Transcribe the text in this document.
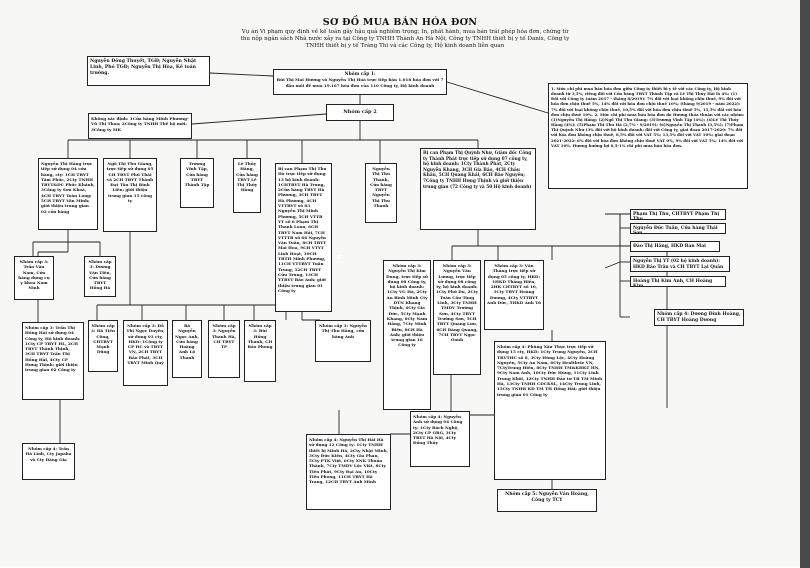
SƠ ĐỒ MUA BÁN HÓA ĐƠN
Vụ án Vi phạm quy định về kế toán gây hậu quả nghiêm trọng; In, phát hành, mua bán trái phép hóa đơn, chứng từ thu nộp ngân sách Nhà nước xảy ra tại Công ty TNHH Thành An Hà Nội, Công ty TNHH thiết bị y tế Danix, Công ty TNHH thiết bị y tế Tràng Thi và các Công ty, Hộ kinh doanh liên quan
Nguyễn Đông Thuyết, TGĐ; Nguyễn Nhật Linh, Phó TGĐ; Nguyễn Thị Hòa, Kế toán trưởng.	Nhóm cấp 1:
Bùi Thị Mai Hương và Nguyễn Thị Hoà trực tiếp bán 1.018 hóa đơn với 7 đầu mối để mua 19.167 hóa đơn của 110 Công ty, Hộ kinh doanh
Nhóm cấp 2
Không xác định: 1Cửa hàng Minh Phương-Vũ Thị Thoa; 2Công ty TNHH Thế hệ mới; 3Công ty MK
1. Mức chi phí mua bán hóa đơn giữa Công ty thiết bị y tế với các Công ty, Hộ kinh doanh từ 3,5%, riêng đối với Cửa hàng TBYT Thành Tập và Lê Thị Thủy Hải là 4%; (1) Đối với Công ty (năm 2017 - tháng 8/2019): 7% đối với loại không chịu thuế, 9% đối với hóa đơn chịu thuế 5%, 14% đối với hóa đơn chịu thuế 10%; (tháng 9/2019 - năm 2022): 7% đối với loại không chịu thuế, 10,5% đối với hóa đơn chịu thuế 5%, 15,5% đối với hóa đơn chịu thuế 10%. 2. Mức chi phí mua bán hóa đơn do Hương thỏa thuận với các nhóm: (1)Nguyễn Thị Hằng; (2)Ngô Thị Thu Giang; (3)Trương Vĩnh Tập (4%); (4)Lê Thị Thủy Hằng (4%); (5)Phạm Thị Thu Hà (2,7% - 9/2019); (6)Nguyễn Thị Thanh (3,5%); (7)Phạm Thị Quỳnh Như (3% đối với hộ kinh doanh; đối với Công ty, giai đoạn 2017-2020: 7% đối với hóa đơn không chịu thuế, 8,5% đối với VAT 5%; 13,5% đối với VAT 10%; giai đoạn 2021-2022: 6% đối với hóa đơn không chịu thuế VAT 0%, 9% đối với VAT 5%; 14% đối với VAT 10%. Hương hưởng lợi 0,5-1% chi phí mua bán hóa đơn.
Nguyễn Thị Hằng trực tiếp sử dụng 04 cửa hàng, cty: 1CH TBYT Tâm Phúc, 2Cty TNHH TBYT&DC Phúc Khánh, 3Công ty Sơn Khoá, 4CH TBYT Toàn Long; 5CH TBYT Vân Minh; giới thiệu trung gian 02 cửa hàng
Ngô Thị Thu Giang, trực tiếp sử dụng 05 CH TBYT Phú Thái và 2CH TBYT Thành Đạt Tân Thị Bình Liên; giới thiệu trung gian 15 công ty
Trương Vĩnh Tập, Cửa hàng TBYT Thành Tập
Lê Thủy Hằng, Cửa hàng TBYT Lê Thị Thủy Hằng
Bị can Phạm Thị Thu Hà trực tiếp sử dụng 13 hộ kinh doanh: 1CHTBYT Hà Trung, 2Cửa hàng TBYT Hà Phương, 3CH TBYT Hà Phương, 4CH VTTBYT số 83 Nguyễn Thị Minh Phương, 5CH VTTB YT số 6 Phạm Thị Thanh Loan, 6CH TBYT Nam Hải, 7CH VTTTB số 68 Nguyễn Văn Tuấn, 8CH TBYT Mai Hoa, 9CH VTYT Linh Hoạt, 10CH TBTH Minh Phương, 11CH VTTBYT Tuấn Trung, 12CH TBYT Cửu Trung, 13CH TTBYT Bảo Anh; giới thiệu trung gian 01 Công ty
Nguyễn Thị Thu Thanh, Cửa hàng TBYT Nguyễn Thị Thu Thanh
Bị can Phạm Thị Quỳnh Như, Giám đốc Công ty Thành Phát trực tiếp sử dụng 07 công ty, hộ kinh doanh: 1Cty Thành Phát, 2Cty Nguyễn Khang, 3CH Gia Bảo, 4CH Châu Khâu, 5CH Quang Khải, 6CH Bảo Nguyên; 7Công ty TNHH Hưng Thịnh và giới thiệu trung gian (72 Công ty và 50 Hộ kinh doanh)
Nhóm cấp 3: Trần Văn Nam, Cửa hàng dụng cụ y khoa Nam Ninh
Nhóm cấp 3: Dương Văn Tiến, Cửa hàng TBYT Hồng Hà
Nhóm cấp 3: Trần Thị Hồng Hải sử dụng 04 Công ty, Hộ kinh doanh: 1Cty CP TBYT HL, 2CH TBYT Thành Thịnh, 3CH TBYT Trần Thị Hồng Hải, 4Cty CP Hưng Thịnh; giới thiệu trung gian 02 Công ty
Nhóm cấp 3: Hà Tiến Công, CHTBYT Mạnh Dũng
Nhóm cấp 3: Đỗ Thị Ngọc Duyên, sử dụng 03 cty, HKD: 1Công ty CP HC và TBYT VN, 2CH TBYT Bảo Phát, 3CH TBYT Minh Quý
Bà Nguyễn Ngọc Anh, Cửa hàng Hoàng Anh Lộ Thanh
Nhóm cấp 3: Nguyễn Thanh Hà, CH TBYT TP
Nhóm cấp 3: Bùi Hồng Thanh, CH Bảo Phong
Nhóm cấp 3: Nguyễn Thị Thu Hằng, cửa hàng Anh
Nhóm cấp 3: Nguyễn Thị Kim Dung, trực tiếp sử dụng 08 Công ty, hộ kinh doanh: 1Cty VG Hà, 2Cty An Bình Minh Cty DTN Khang Thịnh, 4Cty Gia Đức, 5Cty Mạnh Khang, 6Cty Nam Hằng, 7Cty Minh Biên, 8CH Hà Anh; giới thiệu trung gian 16 Công ty
Nhóm cấp 3: Nguyễn Văn Lương, trực tiếp sử dụng 08 công ty, hộ kinh doanh: 1Cty Phú Du, 2Cty Toàn Cầu Tùng Linh, 3Cty TNHH TMDV Trường Sơn, 4Cty TBYT Trường Sơn, 5CH TBYT Quang Lưu, 6CH Đăng Quang, 7CH TBYT Ngọc Oanh
Nhóm cấp 3: Văn Thắng trực tiếp sử dụng 05 công ty, HKD: 1HKD Thắng Hiền, 2HK CHTBYT số 10, 3Cty TBYT Hoàng Dương, 4Cty VTTBYT Anh Đức, 5HKD Anh Tú
Phạm Thị Thu, CHTBYT Phạm Thị Thu
Nguyễn Đức Tuấn, Cửa hàng Thái Sơn
Đào Thị Hằng, HKD Ban Mai
Nguyễn Thị YT (02 hộ kinh doanh): HKD Bảo Trân và CH TBYT Lại Quân
Hoàng Thị Kim Anh, CH Hoàng Kim
Nhóm cấp 4: Dương Đình Hoàng, CH TBYT Hoàng Dương
Nhóm cấp 4: Trần Hà Linh, Cty Japaha và Cty Đăng Gia
Nhóm cấp 4: Nguyễn Thị Hải Hà sử dụng 12 Công ty: 1Cty TNHH thiết bị Minh Hà, 2Cty Nhật Minh, 3Cty Đức Kiên, 4Cty Gia Phan, 5Cty PTK Việt, 6Cty XNK Thuần Thành, 7Cty TMDV Lộc Việt, 8Cty Tiến Phát, 9Cty Đại An, 10Cty Tiên Phong, 11CH TBYT Hà Trang, 12CH TBYT Anh Minh
Nhóm cấp 4: Nguyễn Ánh sử dụng 04 Công ty: 1Cty Bách Nghệ, 2Cty CP GBG, 3Cty TBYT Hà Nội, 4Cty Đồng Thủy
Nhóm cấp 4: Phùng Xâu Thục trực tiếp sử dụng 15 cty, HKD: 1Cty Trung Nguyên, 2CH TBVTHC số 8, 3Cty Hùng Lộc, 4Cty Hoàng Nguyên, 5Cty An Nam, 6Cty Healthvie VN, 7CtyTrung Hiền, 8Cty TNHH TM&KHKT HN, 9Cty Nam Anh, 10Cty Đức Hùng, 11Cty Linh Trung Khôi, 12Cty TNHH Đảo tư TB TM Minh Hà, 13Cty TNHH CDCKSL, 14Cty Trung Linh, 15Cty TNHH KD TM TH Hồng Hải; giới thiệu trung gian 01 Công ty
Nhóm cấp 5: Nguyễn Văn Hoàng, Công ty TCY
